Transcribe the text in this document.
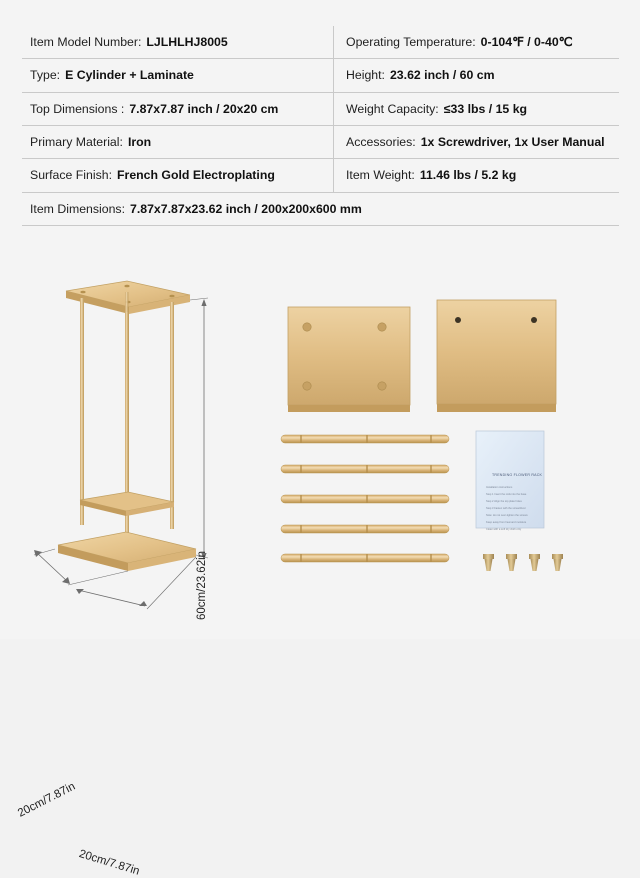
Item Model Number: LJLHLHJ8005	Operating Temperature: 0-104℉ / 0-40℃
Type: E Cylinder + Laminate	Height: 23.62 inch / 60 cm
Top Dimensions : 7.87x7.87 inch / 20x20 cm	Weight Capacity: ≤33 lbs / 15 kg
Primary Material: Iron	Accessories: 1x Screwdriver, 1x User Manual
Surface Finish: French Gold Electroplating	Item Weight: 11.46 lbs / 5.2 kg
Item Dimensions: 7.87x7.87x23.62 inch / 200x200x600 mm
60cm/23.62in
20cm/7.87in
20cm/7.87in
TRENDING FLOWER RACK
Installation instructions
Step 1 Insert the rods into the base
Step 2 Align the top plate holes
Step 3 Fasten with the screwdriver
Note: do not over-tighten the screws
Keep away from heat and moisture
Clean with a soft dry cloth only
